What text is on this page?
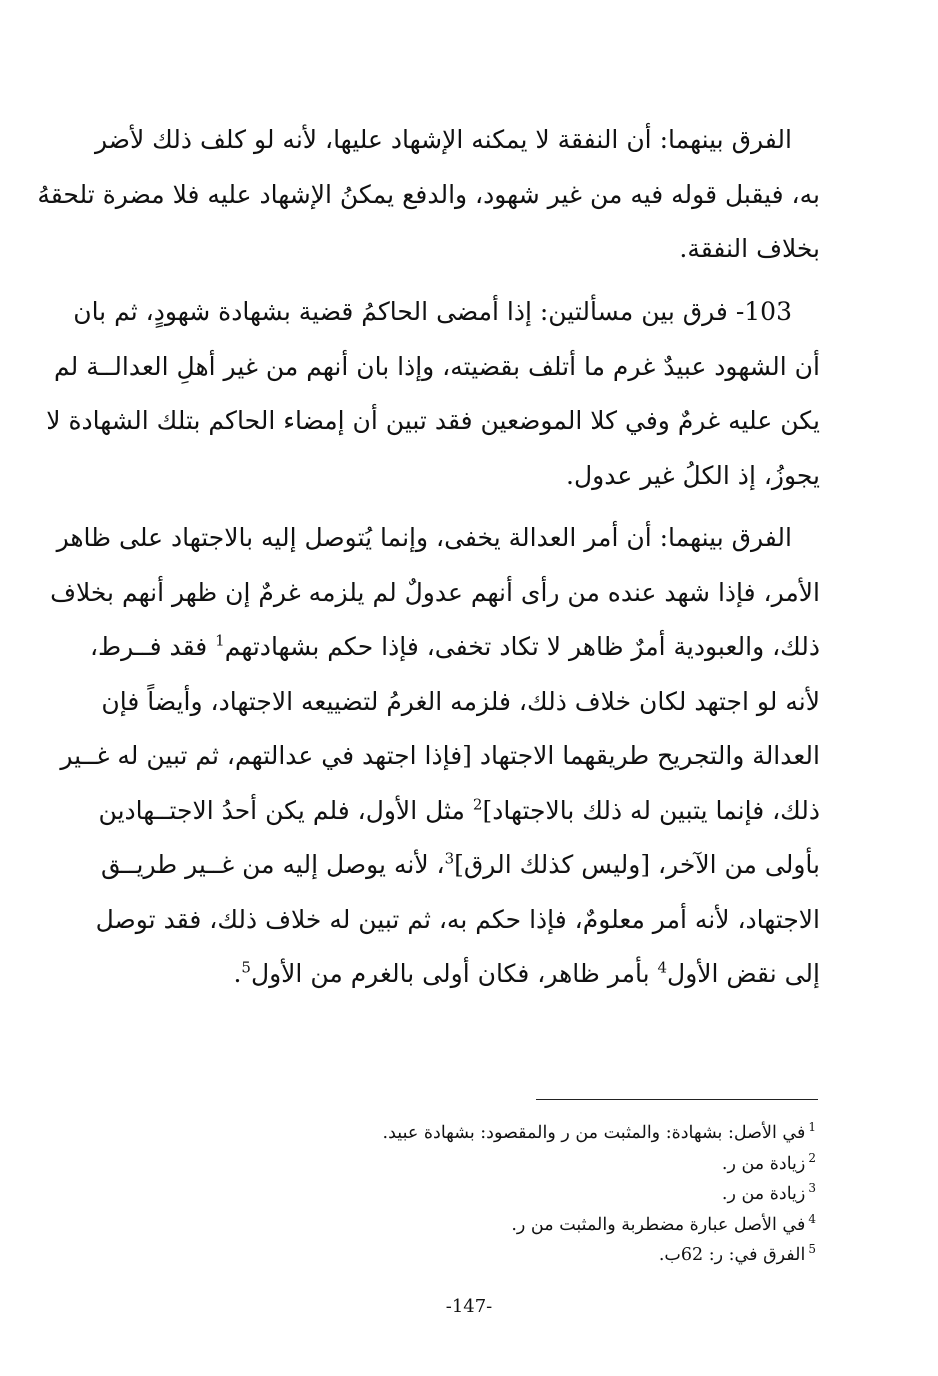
الفرق بينهما: أن النفقة لا يمكنه الإشهاد عليها، لأنه لو كلف ذلك لأضر
به، فيقبل قوله فيه من غير شهود، والدفع يمكنُ الإشهاد عليه فلا مضرة تلحقهُ
بخلاف النفقة.

103- فرق بين مسألتين: إذا أمضى الحاكمُ قضية بشهادة شهودٍ، ثم بان
أن الشهود عبيدٌ غرم ما أتلف بقضيته، وإذا بان أنهم من غير أهلِ العدالــة لم
يكن عليه غرمٌ وفي كلا الموضعين فقد تبين أن إمضاء الحاكم بتلك الشهادة لا
يجوزُ، إذ الكلُ غير عدول.

الفرق بينهما: أن أمر العدالة يخفى، وإنما يُتوصل إليه بالاجتهاد على ظاهر
الأمر، فإذا شهد عنده من رأى أنهم عدولٌ لم يلزمه غرمٌ إن ظهر أنهم بخلاف
ذلك، والعبودية أمرٌ ظاهر لا تكاد تخفى، فإذا حكم بشهادتهم$^1$ فقد فــرط،
لأنه لو اجتهد لكان خلاف ذلك، فلزمه الغرمُ لتضييعه الاجتهاد، وأيضاً فإن
العدالة والتجريح طريقهما الاجتهاد [فإذا اجتهد في عدالتهم، ثم تبين له غــير
ذلك، فإنما يتبين له ذلك بالاجتهاد]$^2$ مثل الأول، فلم يكن أحدُ الاجتــهادين
بأولى من الآخر، [وليس كذلك الرق]$^3$، لأنه يوصل إليه من غــير طريــق
الاجتهاد، لأنه أمر معلومٌ، فإذا حكم به، ثم تبين له خلاف ذلك، فقد توصل
إلى نقض الأول$^4$ بأمر ظاهر، فكان أولى بالغرم من الأول$^5$.

$^1$في الأصل: بشهادة: والمثبت من ر والمقصود: بشهادة عبيد.
$^2$زيادة من ر.
$^3$زيادة من ر.
$^4$في الأصل عبارة مضطربة والمثبت من ر.
$^5$الفرق في: ر: 62ب.
-147-
